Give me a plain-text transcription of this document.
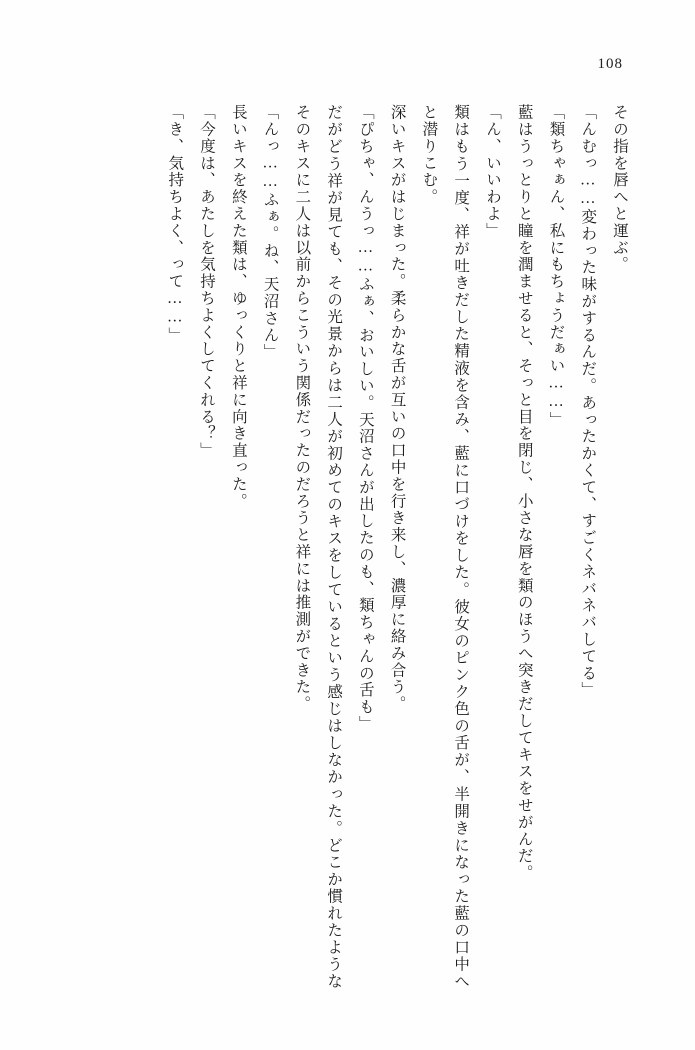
108

その指を唇へと運ぶ。

「んむっ……変わった味がするんだ。あったかくて、すごくネバネバしてる」

「類ちゃぁん、私にもちょうだぁい……」

藍はうっとりと瞳を潤ませると、そっと目を閉じ、小さな唇を類のほうへ突きだしてキスをせがんだ。

「ん、いいわよ」

類はもう一度、祥が吐きだした精液を含み、藍に口づけをした。彼女のピンク色の舌が、半開きになった藍の口中へと潜りこむ。

深いキスがはじまった。柔らかな舌が互いの口中を行き来し、濃厚に絡み合う。

「ぴちゃ、んうっ……ふぁ、おいしい。天沼さんが出したのも、類ちゃんの舌も」

だがどう祥が見ても、その光景からは二人が初めてのキスをしているという感じはしなかった。どこか慣れたようなそのキスに二人は以前からこういう関係だったのだろうと祥には推測ができた。

「んっ……ふぁ。ね、天沼さん」

長いキスを終えた類は、ゆっくりと祥に向き直った。

「今度は、あたしを気持ちよくしてくれる？」

「き、気持ちよく、って……」
